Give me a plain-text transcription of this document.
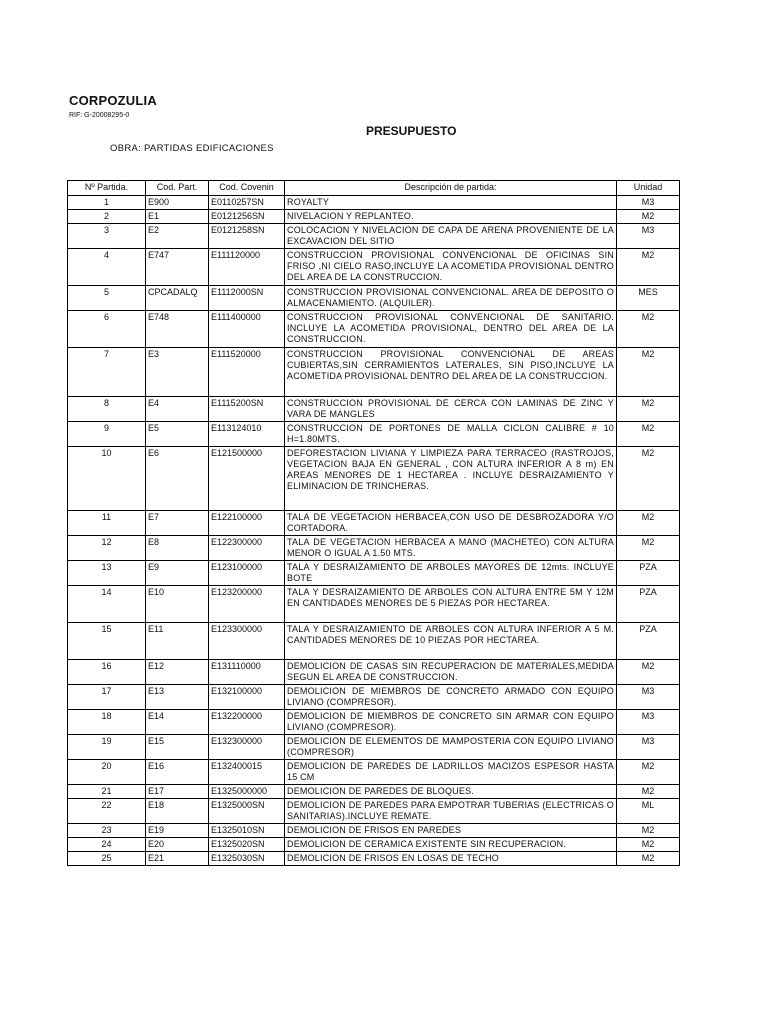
CORPOZULIA
RIF: G-20008295-0
PRESUPUESTO
OBRA: PARTIDAS EDIFICACIONES
Nº Partida.	Cod. Part.	Cod. Covenin	Descripción de partida:	Unidad
1	E900	E0110257SN	ROYALTY	M3
2	E1	E0121256SN	NIVELACION Y REPLANTEO.	M2
3	E2	E0121258SN	COLOCACION Y NIVELACION DE CAPA DE ARENA PROVENIENTE DE LA EXCAVACION DEL SITIO	M3
4	E747	E111120000	CONSTRUCCION PROVISIONAL CONVENCIONAL DE OFICINAS SIN FRISO ,NI CIELO RASO,INCLUYE LA ACOMETIDA PROVISIONAL DENTRO DEL AREA DE LA CONSTRUCCION.	M2
5	CPCADALQ	E1112000SN	CONSTRUCCION PROVISIONAL CONVENCIONAL. AREA DE DEPOSITO O ALMACENAMIENTO. (ALQUILER).	MES
6	E748	E111400000	CONSTRUCCION PROVISIONAL CONVENCIONAL DE SANITARIO. INCLUYE LA ACOMETIDA PROVISIONAL, DENTRO DEL AREA DE LA CONSTRUCCION.	M2
7	E3	E111520000	CONSTRUCCION PROVISIONAL CONVENCIONAL DE AREAS CUBIERTAS,SIN CERRAMIENTOS LATERALES, SIN PISO,INCLUYE LA ACOMETIDA PROVISIONAL DENTRO DEL AREA DE LA CONSTRUCCION.	M2
8	E4	E1115200SN	CONSTRUCCION PROVISIONAL DE CERCA CON LAMINAS DE ZINC Y VARA DE MANGLES	M2
9	E5	E113124010	CONSTRUCCION DE PORTONES DE MALLA CICLON CALIBRE # 10 H=1.80MTS.	M2
10	E6	E121500000	DEFORESTACION LIVIANA Y LIMPIEZA PARA TERRACEO (RASTROJOS, VEGETACION BAJA EN GENERAL , CON ALTURA INFERIOR A 8 m) EN AREAS MENORES DE 1 HECTAREA . INCLUYE DESRAIZAMIENTO Y ELIMINACION DE TRINCHERAS.	M2
11	E7	E122100000	TALA DE VEGETACION HERBACEA,CON USO DE DESBROZADORA Y/O CORTADORA.	M2
12	E8	E122300000	TALA DE VEGETACION HERBACEA A MANO (MACHETEO) CON ALTURA MENOR O IGUAL A 1.50 MTS.	M2
13	E9	E123100000	TALA Y DESRAIZAMIENTO DE ARBOLES MAYORES DE 12mts. INCLUYE BOTE	PZA
14	E10	E123200000	TALA Y DESRAIZAMIENTO DE ARBOLES CON ALTURA ENTRE 5M Y 12M EN CANTIDADES MENORES DE 5 PIEZAS POR HECTAREA.	PZA
15	E11	E123300000	TALA Y DESRAIZAMIENTO DE ARBOLES CON ALTURA INFERIOR A 5 M. CANTIDADES MENORES DE 10 PIEZAS POR HECTAREA.	PZA
16	E12	E131110000	DEMOLICION DE CASAS SIN RECUPERACION DE MATERIALES,MEDIDA SEGUN EL AREA DE CONSTRUCCION.	M2
17	E13	E132100000	DEMOLICION DE MIEMBROS DE CONCRETO ARMADO CON EQUIPO LIVIANO (COMPRESOR).	M3
18	E14	E132200000	DEMOLICION DE MIEMBROS DE CONCRETO SIN ARMAR CON EQUIPO LIVIANO (COMPRESOR).	M3
19	E15	E132300000	DEMOLICION DE ELEMENTOS DE MAMPOSTERIA CON EQUIPO LIVIANO (COMPRESOR)	M3
20	E16	E132400015	DEMOLICION DE PAREDES DE LADRILLOS MACIZOS ESPESOR HASTA 15 CM	M2
21	E17	E1325000000	DEMOLICION DE PAREDES DE BLOQUES.	M2
22	E18	E1325000SN	DEMOLICION DE PAREDES PARA EMPOTRAR TUBERIAS (ELECTRICAS O SANITARIAS).INCLUYE REMATE.	ML
23	E19	E1325010SN	DEMOLICION DE FRISOS EN PAREDES	M2
24	E20	E1325020SN	DEMOLICION DE CERAMICA EXISTENTE SIN RECUPERACION.	M2
25	E21	E1325030SN	DEMOLICION DE FRISOS EN LOSAS DE TECHO	M2
